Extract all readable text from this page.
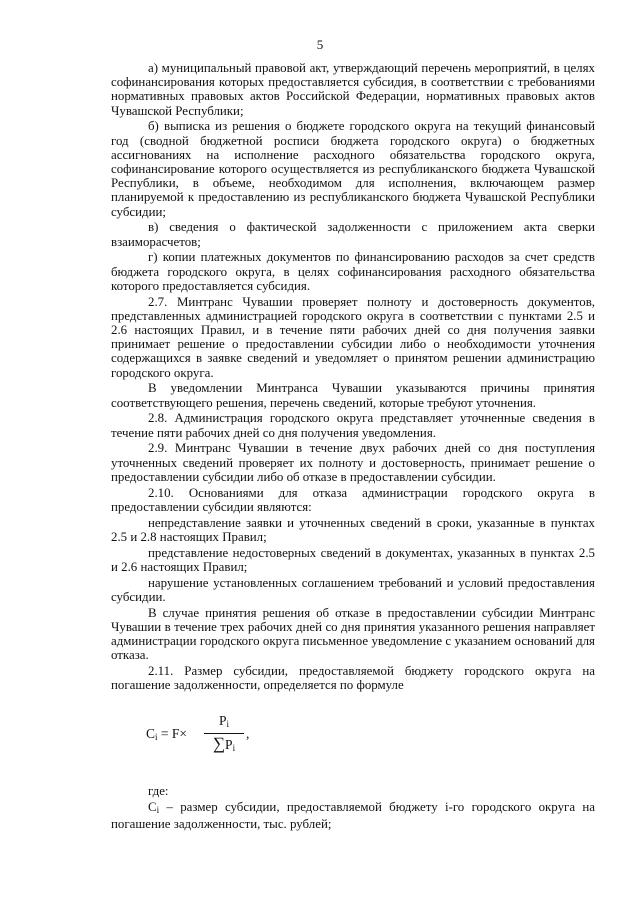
5

а) муниципальный правовой акт, утверждающий перечень мероприятий, в целях софинансирования которых предоставляется субсидия, в соответствии с требованиями нормативных правовых актов Российской Федерации, нормативных правовых актов Чувашской Республики;

б) выписка из решения о бюджете городского округа на текущий финансовый год (сводной бюджетной росписи бюджета городского округа) о бюджетных ассигнованиях на исполнение расходного обязательства городского округа, софинансирование которого осуществляется из республиканского бюджета Чувашской Республики, в объеме, необходимом для исполнения, включающем размер планируемой к предоставлению из республиканского бюджета Чувашской Республики субсидии;

в) сведения о фактической задолженности с приложением акта сверки взаиморасчетов;

г) копии платежных документов по финансированию расходов за счет средств бюджета городского округа, в целях софинансирования расходного обязательства которого предоставляется субсидия.

2.7. Минтранс Чувашии проверяет полноту и достоверность документов, представленных администрацией городского округа в соответствии с пунктами 2.5 и 2.6 настоящих Правил, и в течение пяти рабочих дней со дня получения заявки принимает решение о предоставлении субсидии либо о необходимости уточнения содержащихся в заявке сведений и уведомляет о принятом решении администрацию городского округа.

В уведомлении Минтранса Чувашии указываются причины принятия соответствующего решения, перечень сведений, которые требуют уточнения.

2.8. Администрация городского округа представляет уточненные сведения в течение пяти рабочих дней со дня получения уведомления.

2.9. Минтранс Чувашии в течение двух рабочих дней со дня поступления уточненных сведений проверяет их полноту и достоверность, принимает решение о предоставлении субсидии либо об отказе в предоставлении субсидии.

2.10. Основаниями для отказа администрации городского округа в предоставлении субсидии являются:

непредставление заявки и уточненных сведений в сроки, указанные в пунктах 2.5 и 2.8 настоящих Правил;

представление недостоверных сведений в документах, указанных в пунктах 2.5 и 2.6 настоящих Правил;

нарушение установленных соглашением требований и условий предоставления субсидии.

В случае принятия решения об отказе в предоставлении субсидии Минтранс Чувашии в течение трех рабочих дней со дня принятия указанного решения направляет администрации городского округа письменное уведомление с указанием оснований для отказа.

2.11. Размер субсидии, предоставляемой бюджету городского округа на погашение задолженности, определяется по формуле

$C_i = F\times$
$P_i$
$\sum P_i$
,

где:

$C_i$ – размер субсидии, предоставляемой бюджету i-го городского округа на погашение задолженности, тыс. рублей;
